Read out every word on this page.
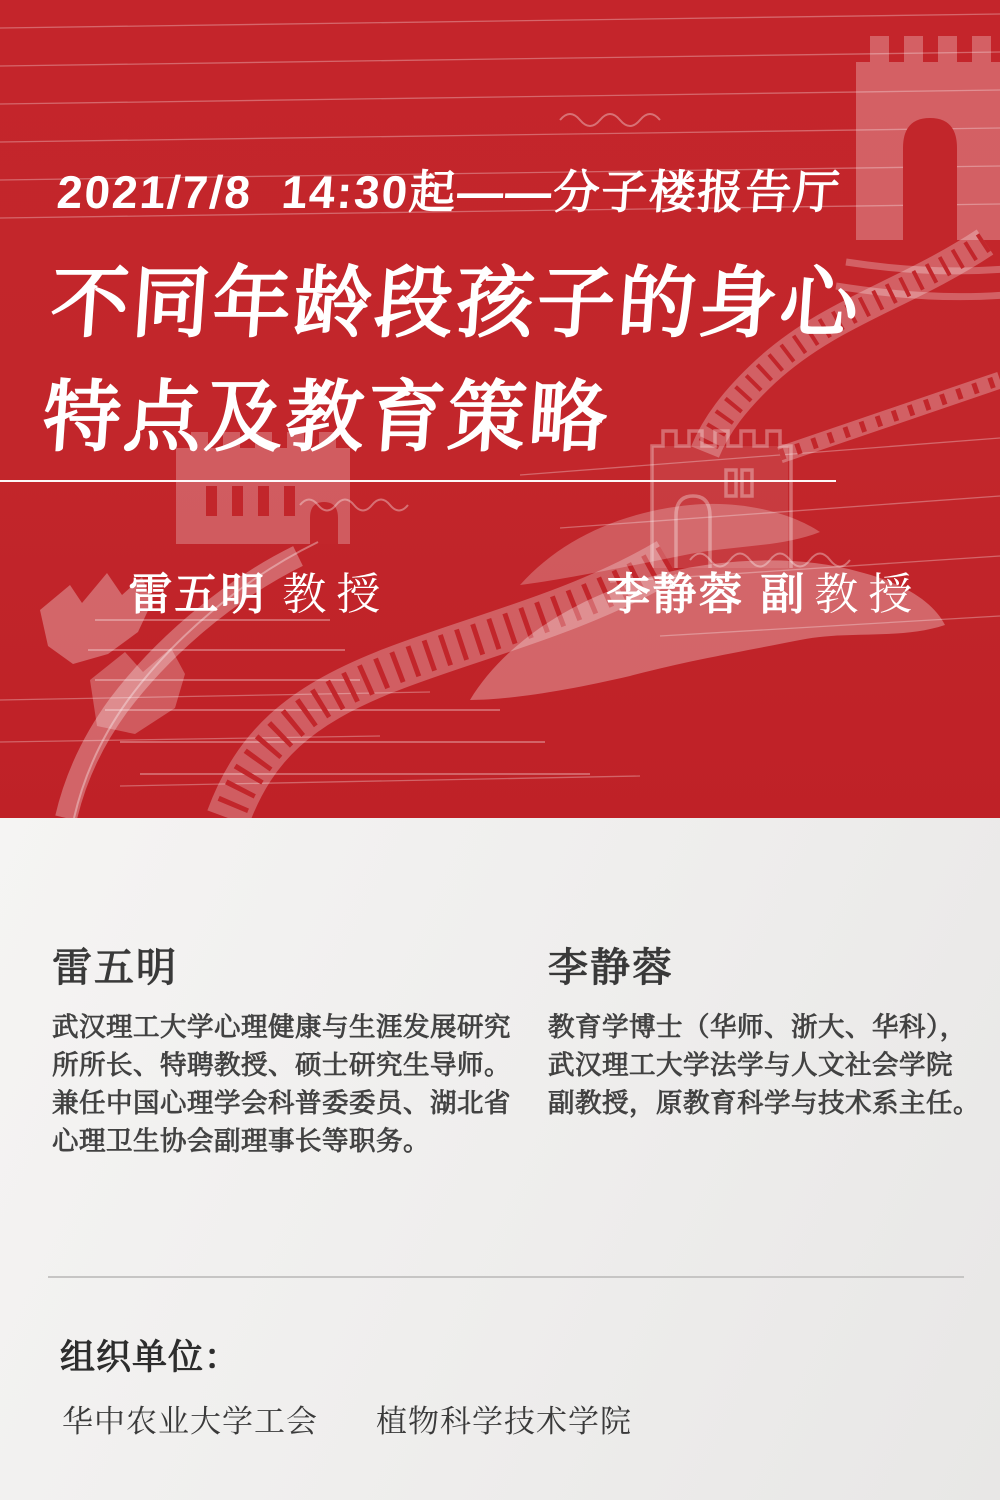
2021/7/8  14:30起——分子楼报告厅
不同年龄段孩子的身心
特点及教育策略

雷五明 教授
	李静蓉 副教授

雷五明	李静蓉
武汉理工大学心理健康与生涯发展研究
所所长、特聘教授、硕士研究生导师。
兼任中国心理学会科普委委员、湖北省
心理卫生协会副理事长等职务。
教育学博士（华师、浙大、华科），
武汉理工大学法学与人文社会学院
副教授，原教育科学与技术系主任。
组织单位：
华中农业大学工会 植物科学技术学院
